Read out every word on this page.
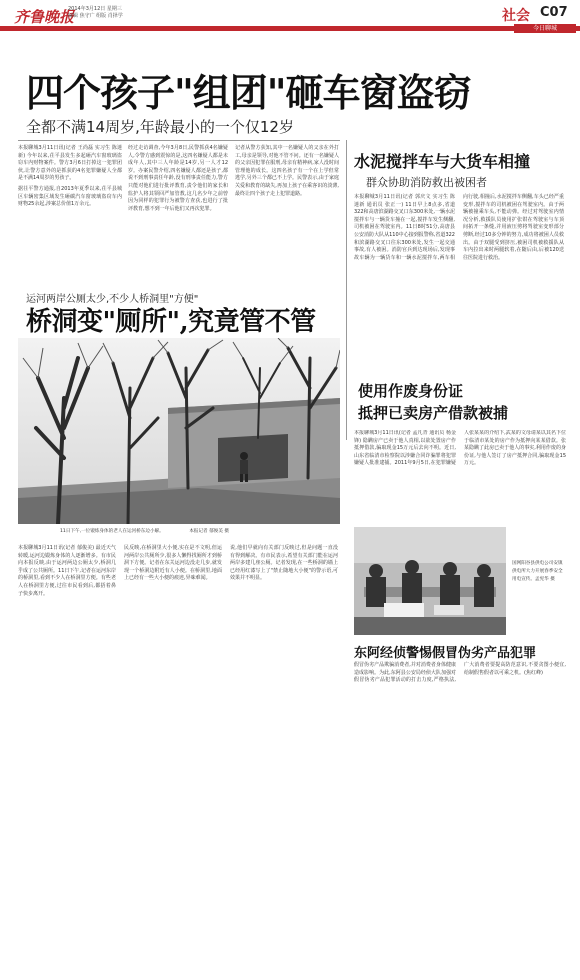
齐鲁晚报
2014年3月12日 星期三
编辑 焦守广 组版 肖择学	社会 C07
今日聊城
四个孩子"组团"砸车窗盗窃
全都不满14周岁,年龄最小的一个仅12岁
本报聊城3月11日讯(记者 王尚磊 实习生 陈迷新) 今年以来,茌平县发生多起砸汽车窗玻璃盗窃车内财物案件。警方3月6日打掉这一犯罪团伙,让警方意外的是抓获的4名犯罪嫌疑人全都是不满14周岁的男孩子。
据茌平警方通报,自2013年夏季以来,茌平县城区车辆密集区域发生砸碳汽车窗玻璃盗窃车内财物25余起,涉案总价值1万余元。
经过走访调查,今年3月8日,民警抓获4名嫌疑人,令警方感到震惊的是,这四名嫌疑人都是未成年人,其中三人年龄是14岁,另一人才12岁。办案民警介绍,四名嫌疑人都还是孩子,都说不到刑事责任年龄,没有刑事责任能力,警方只能对他们进行批评教育,责令他们的家长和监护人将其领回严加管教,这几名少年之前曾因为同样的犯罪行为被警方查获,也进行了批评教育,想不到一年后他们又再次犯罪。
记者从警方获知,其中一名嫌疑人的父亲在外打工,母亲是领导,对他不管不问。还有一名嫌疑人的父亲因犯罪在服刑,母亲有精神病,家人没时间管理他的成长。这四名孩子有一个在上学但常逃学,另外三个都已不上学。民警表示,由于家庭关爱和教育的缺失,再加上孩子在乘客识的淡薄,最终让四个孩子走上犯罪道路。
水泥搅拌车与大货车相撞
群众协助消防救出被困者
本报聊城3月11日讯(记者 郭庆文 实习生 陈迷新 通讯员 张正一) 11日早上8点多,省道322和高唐滨湖路交叉口东300米处,一辆水泥搅拌车与一辆货车撞在一起,搅拌车发生侧翻,司机被困在驾驶室内。11日8时51分,高唐县公安消防大队从110中心接到报警称,省道322和滨湖路交叉口往东300米处,发生一起交通事故,有人被困。消防官兵到达现场后,发现事故车辆为一辆货车和一辆水泥搅拌车,两车相向行驶,相撞后,水泥搅拌车侧翻,车头已经严重变形,搅拌车的司机被困在驾驶室内。由于两辆被撞乘车头,不能动弹。经过对驾驶室内情况分析,救援队员使用扩张钳在驾驶室与车顶间拓开一条缝,并用液压剪将驾驶室变形部分剪断,经过10多分钟的努力,成功将被困人员救出。由于双腿受到挤压,被困司机被救援队从车内拉出来时两腿软着,在随后由,后被120送往医院进行救治。
运河两岸公厕太少,不少人桥洞里"方便"
桥洞变"厕所",究竟管不管
11日下午,一位锻炼身体的老人在运河桥东边小解。	本报记者 郁俊美 摄
本报聊城3月11日讯(记者 郁俊美) 最近天气转暖,运河边锻炼身体的人逐渐增多。有市民向本报反映,由于运河两边公厕太少,桥洞几乎成了公共厕所。11日下午,记者在运河东岸的桥洞里,看到不少人在桥洞里方便。有些老人在桥洞里方便,过往市民看到后,都捂着鼻子快步离开。
民反映,在桥洞里大小便,实在是不文明,但运河两岸公共厕所少,很多人懒得找厕所才到桥洞下方便。记者在东关运河边没走几步,就发现一个桥洞边附近有人小便。在桥洞里,地面上已经有一些大小便的痕迹,异味难闻。
说,他们早就向有关部门反映过,但是问题一直没有得到解决。有市民表示,希望有关部门能在运河两岸多建几座公厕。记者发现,在一些桥洞的墙上已经用红漆写上了"禁止随地大小便"的警示语,可效果并不明显。
使用作废身份证
抵押已卖房产借款被捕
本报聊城3月11日讯(记者 孟凡青 通讯员 杨金锋) 隐瞒房产已卖于他人真相,以欲处置房产作抵押借款,骗取现金15万元后去向不明。近日,山东省临清市检察院以涉嫌合同诈骗罪将犯罪嫌疑人批准逮捕。2011年9月5日,在犯罪嫌疑人张某某的介绍下,武某的文母请某以其名下位于临清市某处的房产作为抵押向某某借款。张某隐瞒了此房已卖于他人的事实,利用作废的身份证,与他人签订了房产抵押合同,骗取现金15万元。
国网阳谷县供电公司安镇供电所大力开展春季安全用电宣传。孟宪华 摄
东阿经侦警惕假冒伪劣产品犯罪
假冒伪劣产品欺骗消费者,并对消费者身体健康造成影响。为此,东阿县公安局经侦大队加强对假冒伪劣产品犯罪活动的打击力度,严格执法,广大消费者要提高防范意识,不要贪图小便宜,给制假售假者以可乘之机。(焦红峰)
